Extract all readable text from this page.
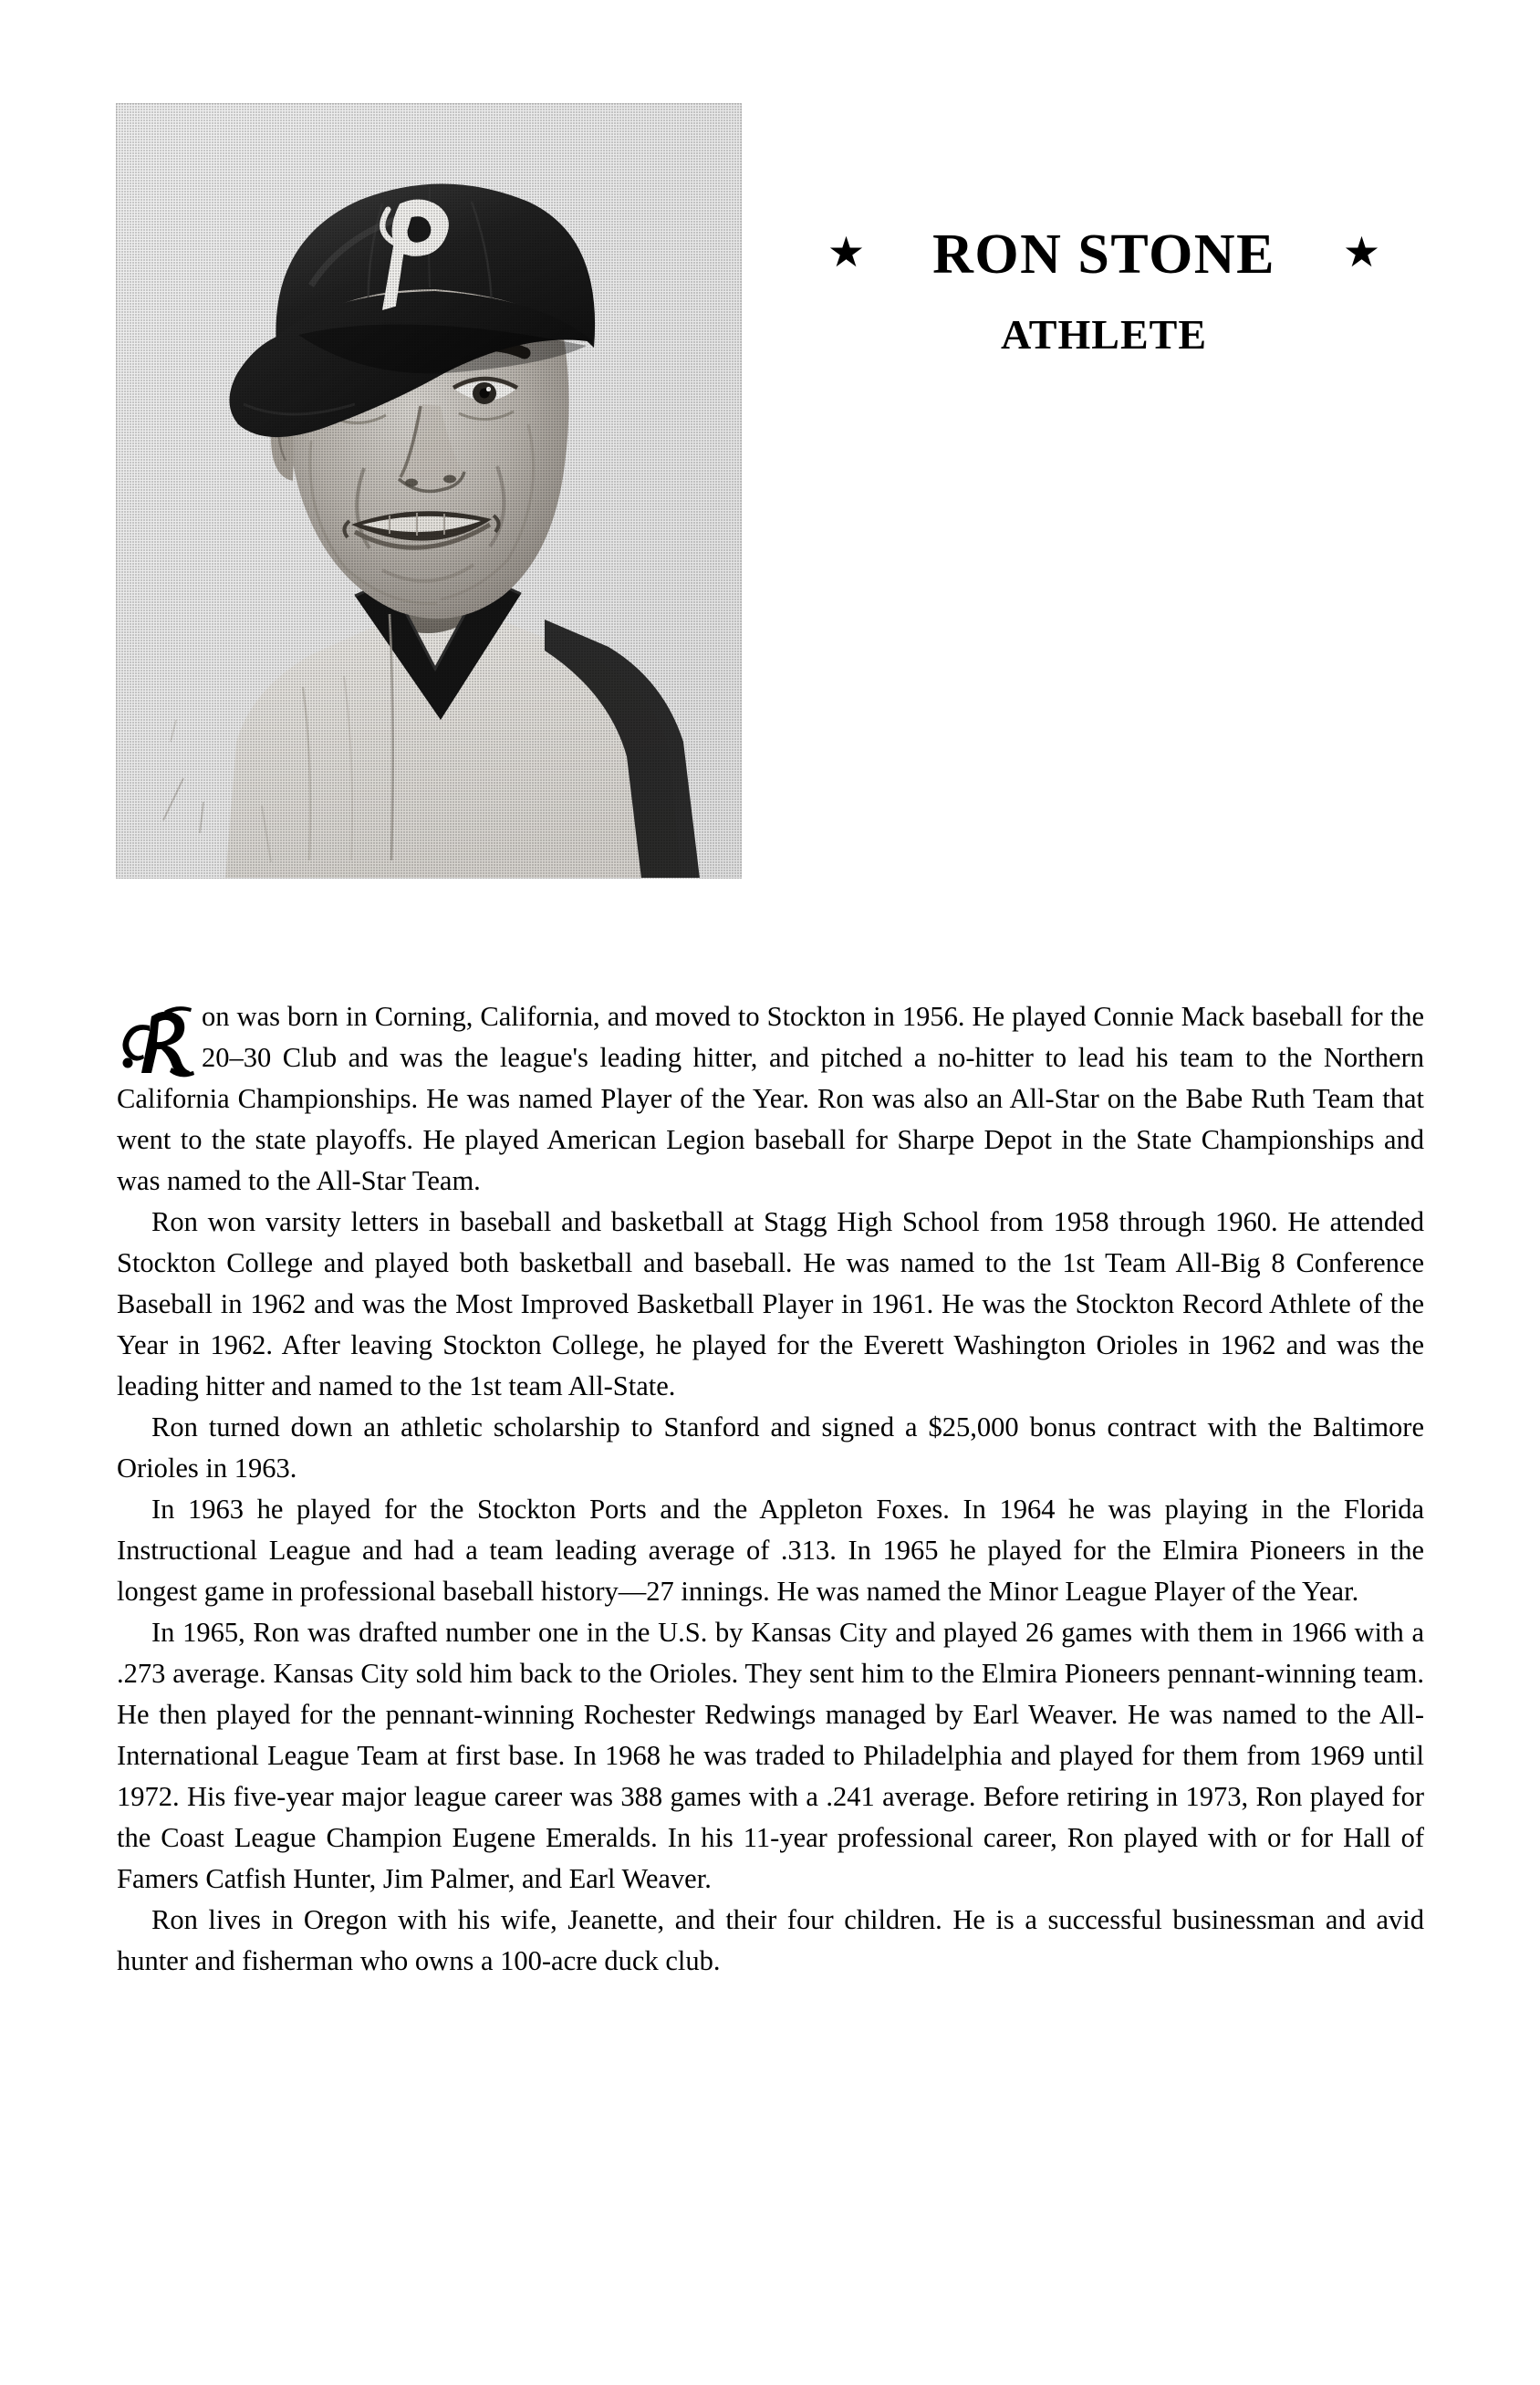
★ RON STONE ★
ATHLETE

on was born in Corning, California, and moved to Stockton in 1956. He played Connie Mack baseball for the 20–30 Club and was the league's leading hitter, and pitched a no-hitter to lead his team to the Northern California Championships. He was named Player of the Year. Ron was also an All-Star on the Babe Ruth Team that went to the state playoffs. He played American Legion baseball for Sharpe Depot in the State Championships and was named to the All-Star Team.

Ron won varsity letters in baseball and basketball at Stagg High School from 1958 through 1960. He attended Stockton College and played both basketball and baseball. He was named to the 1st Team All-Big 8 Conference Baseball in 1962 and was the Most Improved Basketball Player in 1961. He was the Stockton Record Athlete of the Year in 1962. After leaving Stockton College, he played for the Everett Washington Orioles in 1962 and was the leading hitter and named to the 1st team All-State.

Ron turned down an athletic scholarship to Stanford and signed a $25,000 bonus contract with the Baltimore Orioles in 1963.

In 1963 he played for the Stockton Ports and the Appleton Foxes. In 1964 he was playing in the Florida Instructional League and had a team leading average of .313. In 1965 he played for the Elmira Pioneers in the longest game in professional baseball history—27 innings. He was named the Minor League Player of the Year.

In 1965, Ron was drafted number one in the U.S. by Kansas City and played 26 games with them in 1966 with a .273 average. Kansas City sold him back to the Orioles. They sent him to the Elmira Pioneers pennant-winning team. He then played for the pennant-winning Rochester Redwings managed by Earl Weaver. He was named to the All-International League Team at first base. In 1968 he was traded to Philadelphia and played for them from 1969 until 1972. His five-year major league career was 388 games with a .241 average. Before retiring in 1973, Ron played for the Coast League Champion Eugene Emeralds. In his 11-year professional career, Ron played with or for Hall of Famers Catfish Hunter, Jim Palmer, and Earl Weaver.

Ron lives in Oregon with his wife, Jeanette, and their four children. He is a successful businessman and avid hunter and fisherman who owns a 100-acre duck club.
